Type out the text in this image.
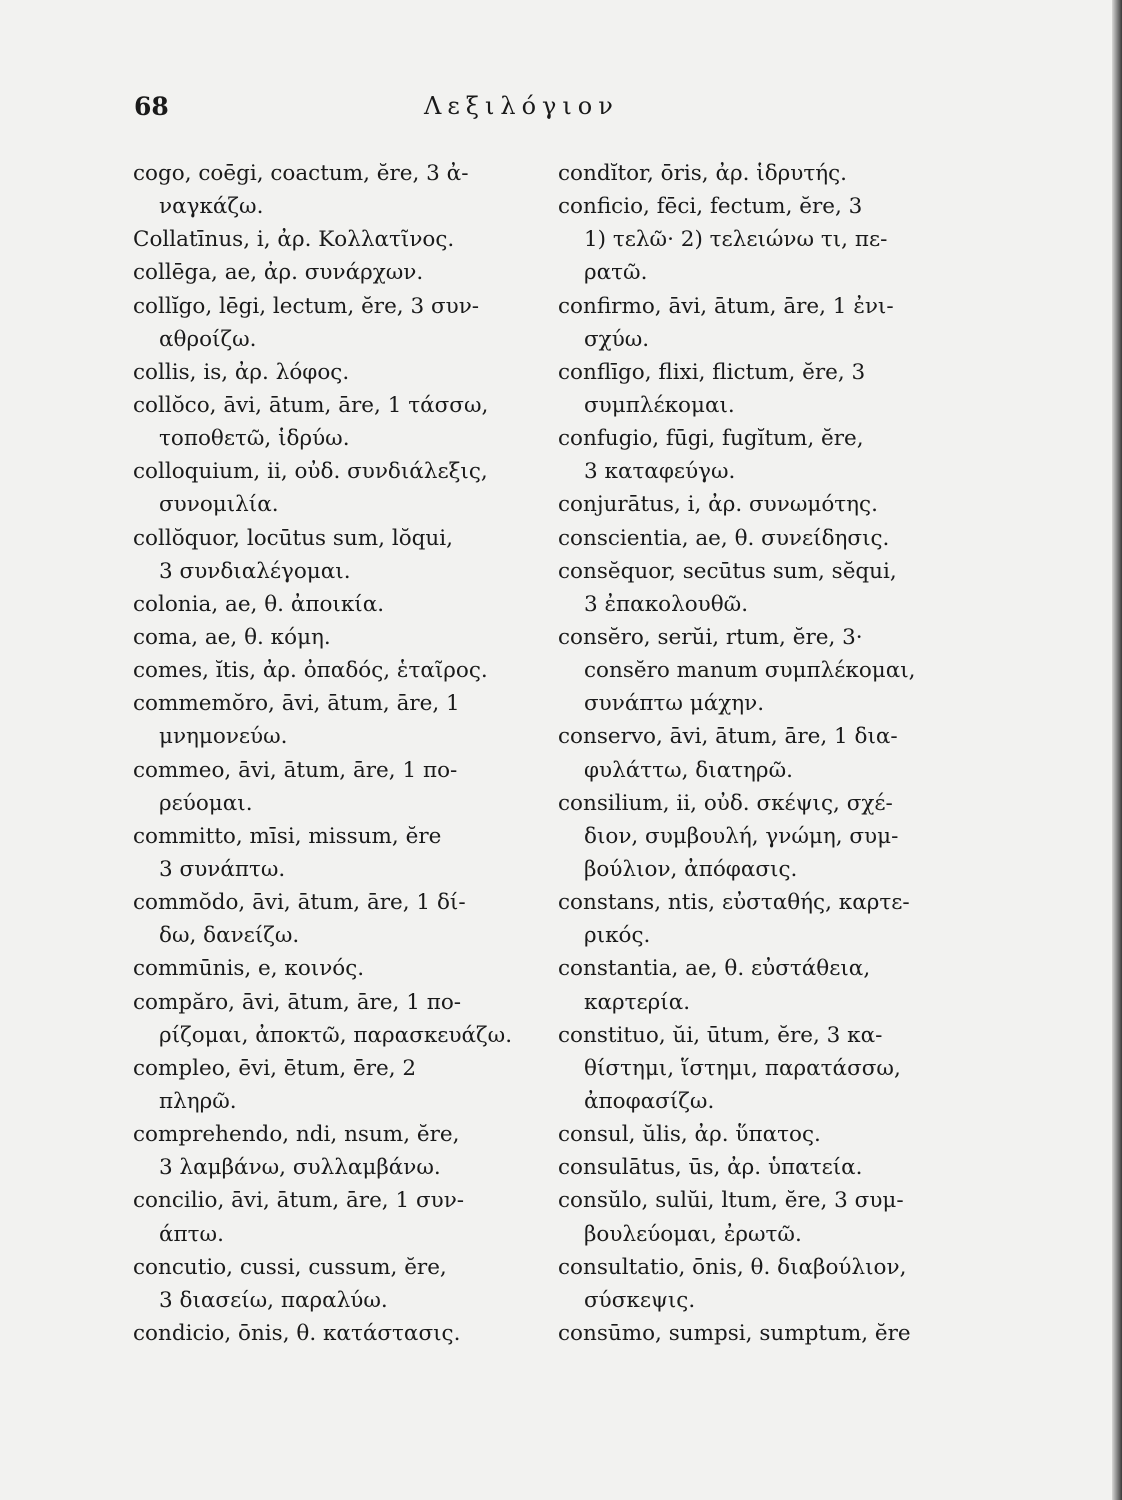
68	Λεξιλόγιον
cogo, coēgi, coactum, ĕre, 3 ἀ-
ναγκάζω.
Collatīnus, i, ἀρ. Κολλατῖνος.
collēga, ae, ἀρ. συνάρχων.
collĭgo, lēgi, lectum, ĕre, 3 συν-
αθροίζω.
collis, is, ἀρ. λόφος.
collŏco, āvi, ātum, āre, 1 τάσσω,
τοποθετῶ, ἱδρύω.
colloquium, ii, οὐδ. συνδιάλεξις,
συνομιλία.
collŏquor, locūtus sum, lŏqui,
3 συνδιαλέγομαι.
colonia, ae, θ. ἀποικία.
coma, ae, θ. κόμη.
comes, ĭtis, ἀρ. ὀπαδός, ἑταῖρος.
commemŏro, āvi, ātum, āre, 1
μνημονεύω.
commeo, āvi, ātum, āre, 1 πο-
ρεύομαι.
committo, mīsi, missum, ĕre
3 συνάπτω.
commŏdo, āvi, ātum, āre, 1 δί-
δω, δανείζω.
commūnis, e, κοινός.
compăro, āvi, ātum, āre, 1 πο-
ρίζομαι, ἀποκτῶ, παρασκευάζω.
compleo, ēvi, ētum, ēre, 2
πληρῶ.
comprehendo, ndi, nsum, ĕre,
3 λαμβάνω, συλλαμβάνω.
concilio, āvi, ātum, āre, 1 συν-
άπτω.
concutio, cussi, cussum, ĕre,
3 διασείω, παραλύω.
condicio, ōnis, θ. κατάστασις.
condĭtor, ōris, ἀρ. ἱδρυτής.
conficio, fēci, fectum, ĕre, 3
1) τελῶ· 2) τελειώνω τι, πε-
ρατῶ.
confirmo, āvi, ātum, āre, 1 ἐνι-
σχύω.
conflīgo, flixi, flictum, ĕre, 3
συμπλέκομαι.
confugio, fūgi, fugĭtum, ĕre,
3 καταφεύγω.
conjurātus, i, ἀρ. συνωμότης.
conscientia, ae, θ. συνείδησις.
consĕquor, secūtus sum, sĕqui,
3 ἐπακολουθῶ.
consĕro, serŭi, rtum, ĕre, 3·
consĕro manum συμπλέκομαι,
συνάπτω μάχην.
conservo, āvi, ātum, āre, 1 δια-
φυλάττω, διατηρῶ.
consilium, ii, οὐδ. σκέψις, σχέ-
διον, συμβουλή, γνώμη, συμ-
βούλιον, ἀπόφασις.
constans, ntis, εὐσταθής, καρτε-
ρικός.
constantia, ae, θ. εὐστάθεια,
καρτερία.
constituo, ŭi, ūtum, ĕre, 3 κα-
θίστημι, ἵστημι, παρατάσσω,
ἀποφασίζω.
consul, ŭlis, ἀρ. ὕπατος.
consulātus, ūs, ἀρ. ὑπατεία.
consŭlo, sulŭi, ltum, ĕre, 3 συμ-
βουλεύομαι, ἐρωτῶ.
consultatio, ōnis, θ. διαβούλιον,
σύσκεψις.
consūmo, sumpsi, sumptum, ĕre
